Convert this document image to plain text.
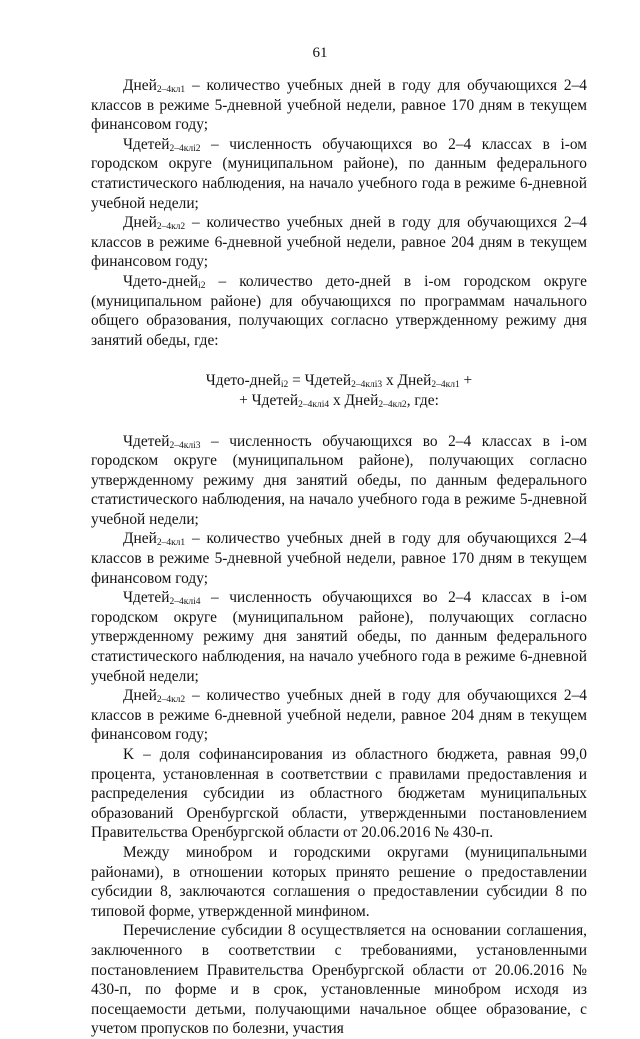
61

Дней$_{2-4кл1}$ – количество учебных дней в году для обучающихся 2–4 классов в режиме 5-дневной учебной недели, равное 170 дням в текущем финансовом году;

Чдетей$_{2-4клi2}$ – численность обучающихся во 2–4 классах в i-ом городском округе (муниципальном районе), по данным федерального статистического наблюдения, на начало учебного года в режиме 6-дневной учебной недели;

Дней$_{2-4кл2}$ – количество учебных дней в году для обучающихся 2–4 классов в режиме 6-дневной учебной недели, равное 204 дням в текущем финансовом году;

Чдето-дней$_{i2}$ – количество дето-дней в i-ом городском округе (муниципальном районе) для обучающихся по программам начального общего образования, получающих согласно утвержденному режиму дня занятий обеды, где:

Чдето-дней$_{i2}$ = Чдетей$_{2-4клi3}$ x Дней$_{2-4кл1}$ +

+ Чдетей$_{2-4клi4}$ x Дней$_{2-4кл2}$, где:

Чдетей$_{2-4клi3}$ – численность обучающихся во 2–4 классах в i-ом городском округе (муниципальном районе), получающих согласно утвержденному режиму дня занятий обеды, по данным федерального статистического наблюдения, на начало учебного года в режиме 5-дневной учебной недели;

Дней$_{2-4кл1}$ – количество учебных дней в году для обучающихся 2–4 классов в режиме 5-дневной учебной недели, равное 170 дням в текущем финансовом году;

Чдетей$_{2-4клi4}$ – численность обучающихся во 2–4 классах в i-ом городском округе (муниципальном районе), получающих согласно утвержденному режиму дня занятий обеды, по данным федерального статистического наблюдения, на начало учебного года в режиме 6-дневной учебной недели;

Дней$_{2-4кл2}$ – количество учебных дней в году для обучающихся 2–4 классов в режиме 6-дневной учебной недели, равное 204 дням в текущем финансовом году;

K – доля софинансирования из областного бюджета, равная 99,0 процента, установленная в соответствии с правилами предоставления и распределения субсидии из областного бюджетам муниципальных образований Оренбургской области, утвержденными постановлением Правительства Оренбургской области от 20.06.2016 № 430-п.

Между минобром и городскими округами (муниципальными районами), в отношении которых принято решение о предоставлении субсидии 8, заключаются соглашения о предоставлении субсидии 8 по типовой форме, утвержденной минфином.

Перечисление субсидии 8 осуществляется на основании соглашения, заключенного в соответствии с требованиями, установленными постановлением Правительства Оренбургской области от 20.06.2016 № 430-п, по форме и в срок, установленные минобром исходя из посещаемости детьми, получающими начальное общее образование, с учетом пропусков по болезни, участия
